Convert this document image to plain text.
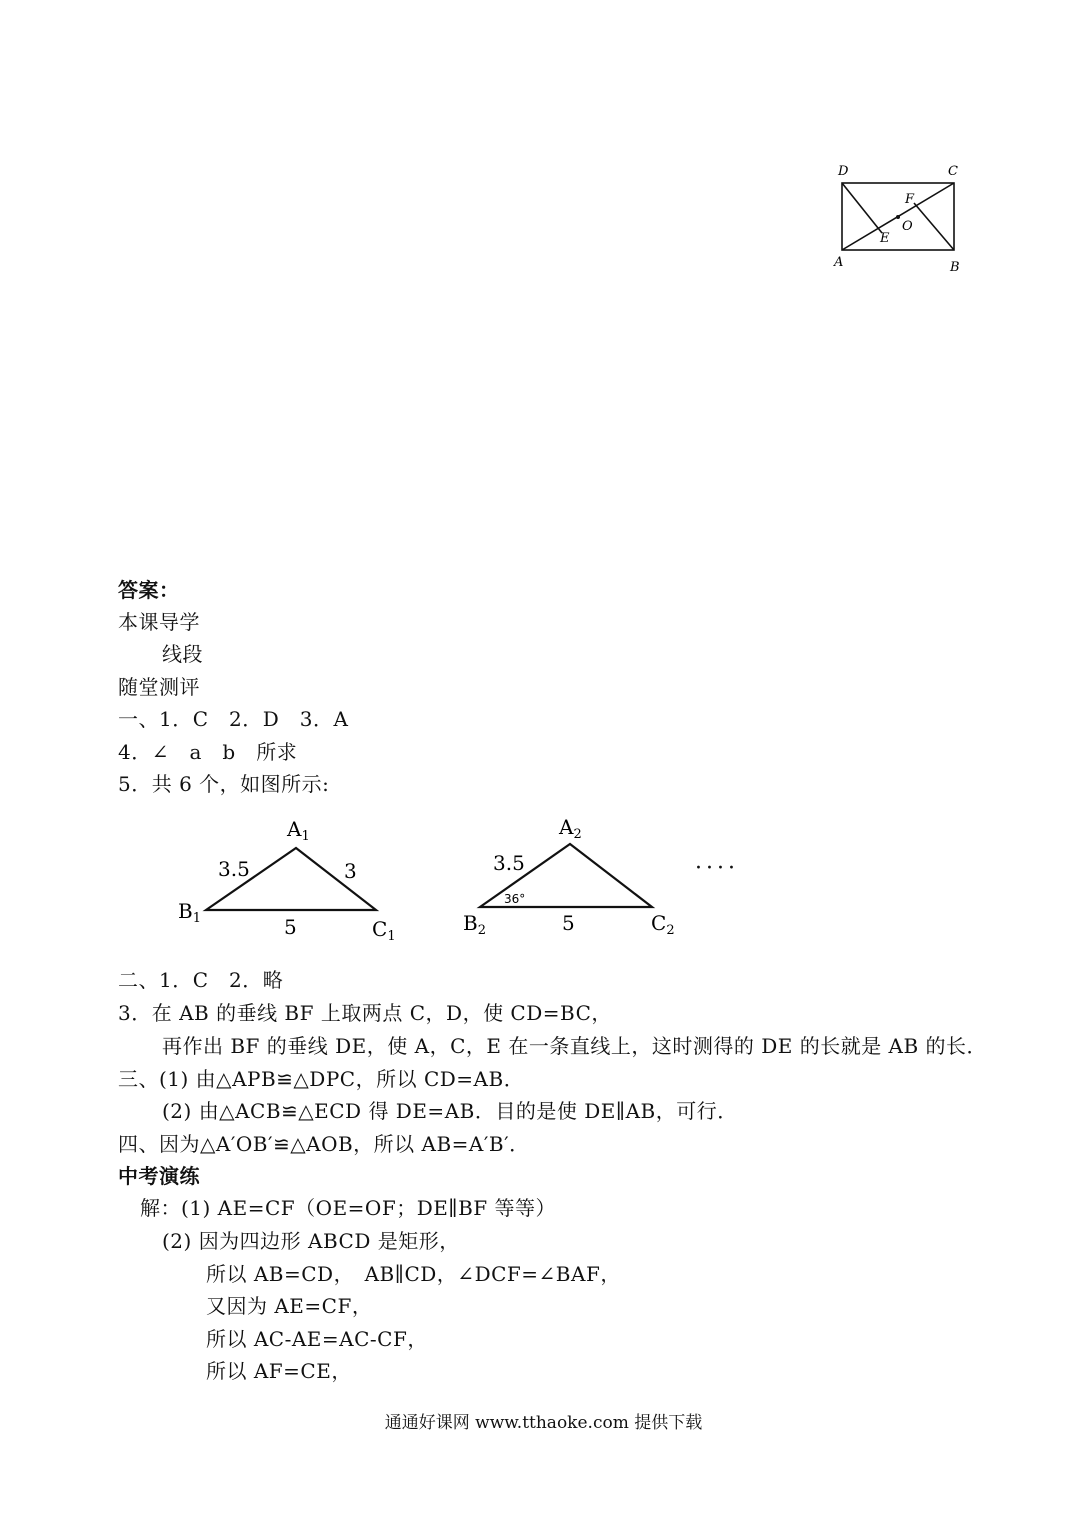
D	C
A	B
F
O
E
答案：
本课导学
线段
随堂测评
一、1．C　2．D　3．A
4．∠　a　b　所求
5．共 6 个，如图所示:
$A_1$
$B_1$	$C_1$
3.5	3
5
$A_2$
$B_2$	$C_2$
3.5
5
36°
····
二、1．C　2．略
3．在 AB 的垂线 BF 上取两点 C，D，使 CD=BC，
再作出 BF 的垂线 DE，使 A，C，E 在一条直线上，这时测得的 DE 的长就是 AB 的长．
三、(1) 由△APB≌△DPC，所以 CD=AB．
(2) 由△ACB≌△ECD 得 DE=AB．目的是使 DE∥AB，可行．
四、因为△A′OB′≌△AOB，所以 AB=A′B′．
中考演练
解：(1) AE=CF（OE=OF；DE∥BF 等等）
(2) 因为四边形 ABCD 是矩形，
所以 AB=CD，　AB∥CD，∠DCF=∠BAF，
又因为 AE=CF，
所以 AC-AE=AC-CF，
所以 AF=CE，
通通好课网 www.tthaoke.com 提供下载
